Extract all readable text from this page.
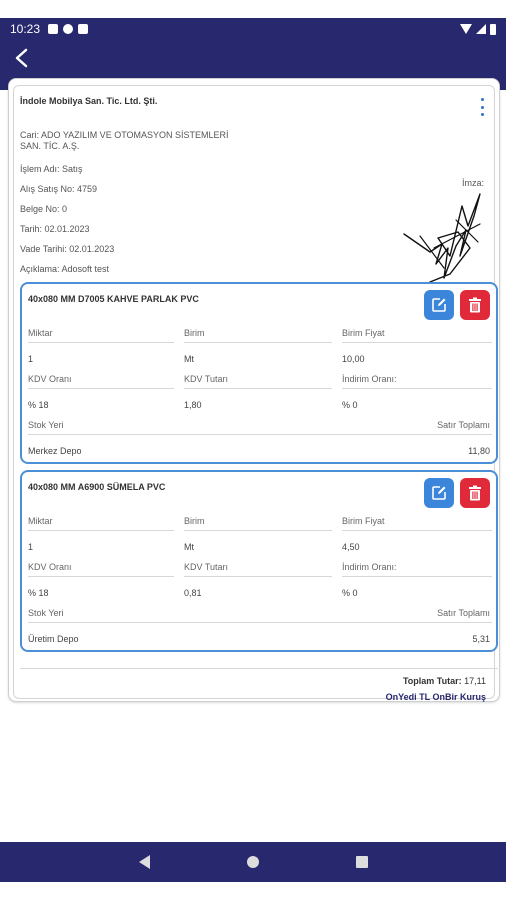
10:23
İndole Mobilya San. Tic. Ltd. Şti.
Cari: ADO YAZILIM VE OTOMASYON SİSTEMLERİ
SAN. TİC. A.Ş.
İşlem Adı: Satış
Alış Satış No: 4759
Belge No: 0
Tarih: 02.01.2023
Vade Tarihi: 02.01.2023
Açıklama: Adosoft test
İmza:
40x080 MM D7005 KAHVE PARLAK PVC
Miktar	Birim	Birim Fiyat
1	Mt	10,00
KDV Oranı	KDV Tutarı	İndirim Oranı:
% 18	1,80	% 0
Stok Yeri	Satır Toplamı
Merkez Depo	11,80
40x080 MM A6900 SÜMELA PVC
Miktar	Birim	Birim Fiyat
1	Mt	4,50
KDV Oranı	KDV Tutarı	İndirim Oranı:
% 18	0,81	% 0
Stok Yeri	Satır Toplamı
Üretim Depo	5,31
Toplam Tutar: 17,11
OnYedi TL OnBir Kuruş
